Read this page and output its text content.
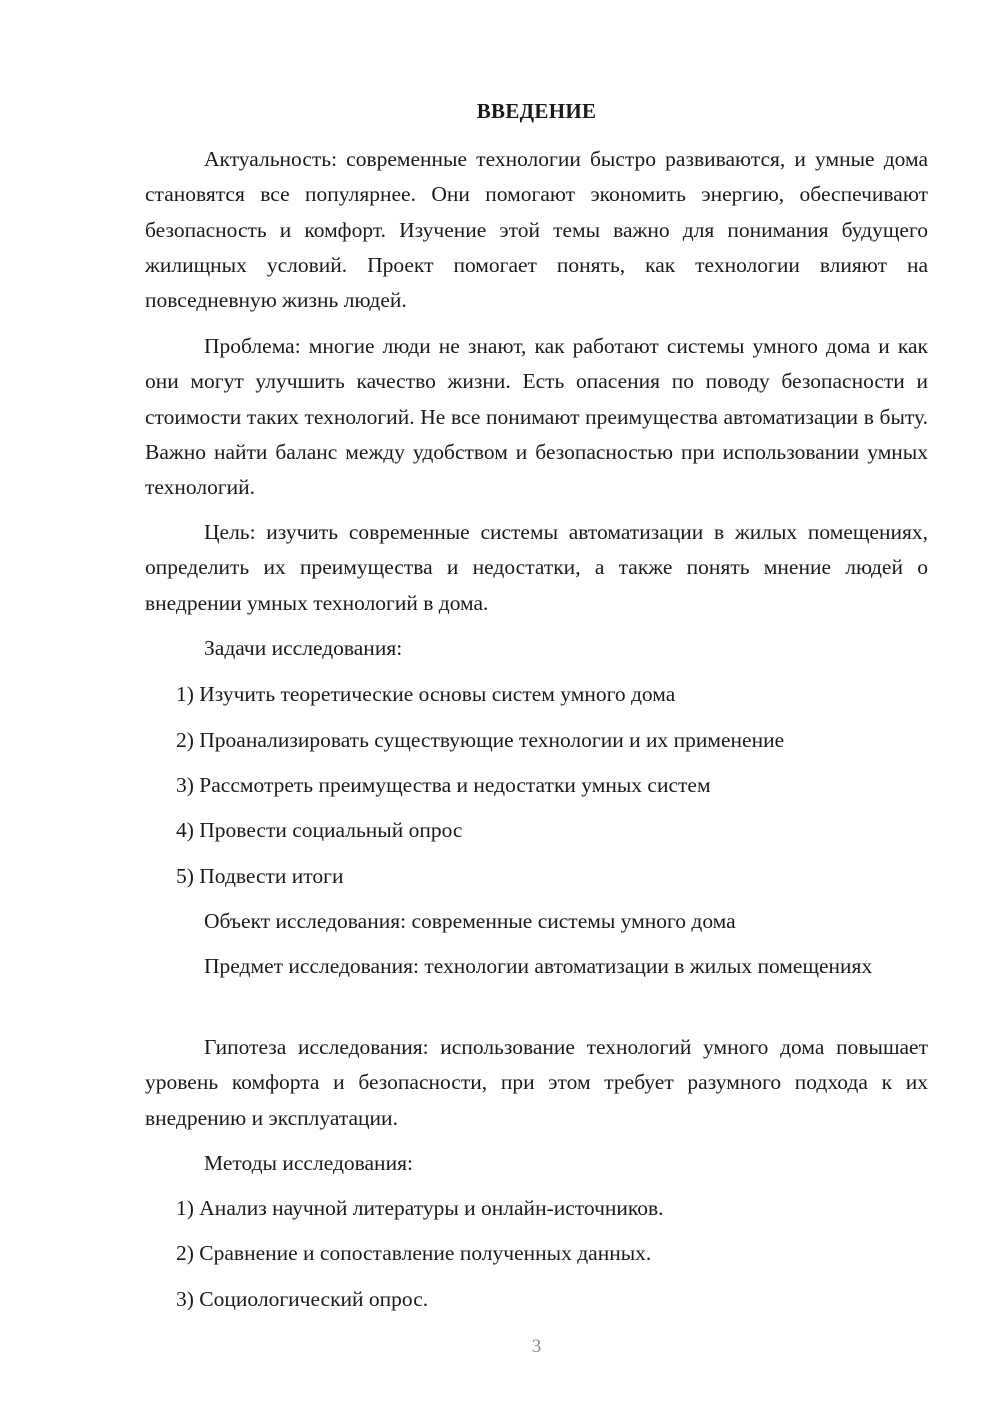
ВВЕДЕНИЕ

Актуальность: современные технологии быстро развиваются, и умные дома становятся все популярнее. Они помогают экономить энергию, обеспечивают безопасность и комфорт. Изучение этой темы важно для понимания будущего жилищных условий. Проект помогает понять, как технологии влияют на повседневную жизнь людей.

Проблема: многие люди не знают, как работают системы умного дома и как они могут улучшить качество жизни. Есть опасения по поводу безопасности и стоимости таких технологий. Не все понимают преимущества автоматизации в быту. Важно найти баланс между удобством и безопасностью при использовании умных технологий.

Цель: изучить современные системы автоматизации в жилых помещениях, определить их преимущества и недостатки, а также понять мнение людей о внедрении умных технологий в дома.

Задачи исследования:
1) Изучить теоретические основы систем умного дома
2) Проанализировать существующие технологии и их применение
3) Рассмотреть преимущества и недостатки умных систем
4) Провести социальный опрос
5) Подвести итоги
Объект исследования: современные системы умного дома

Предмет исследования: технологии автоматизации в жилых помещениях

Гипотеза исследования: использование технологий умного дома повышает уровень комфорта и безопасности, при этом требует разумного подхода к их внедрению и эксплуатации.

Методы исследования:
1) Анализ научной литературы и онлайн-источников.
2) Сравнение и сопоставление полученных данных.
3) Социологический опрос.
3
